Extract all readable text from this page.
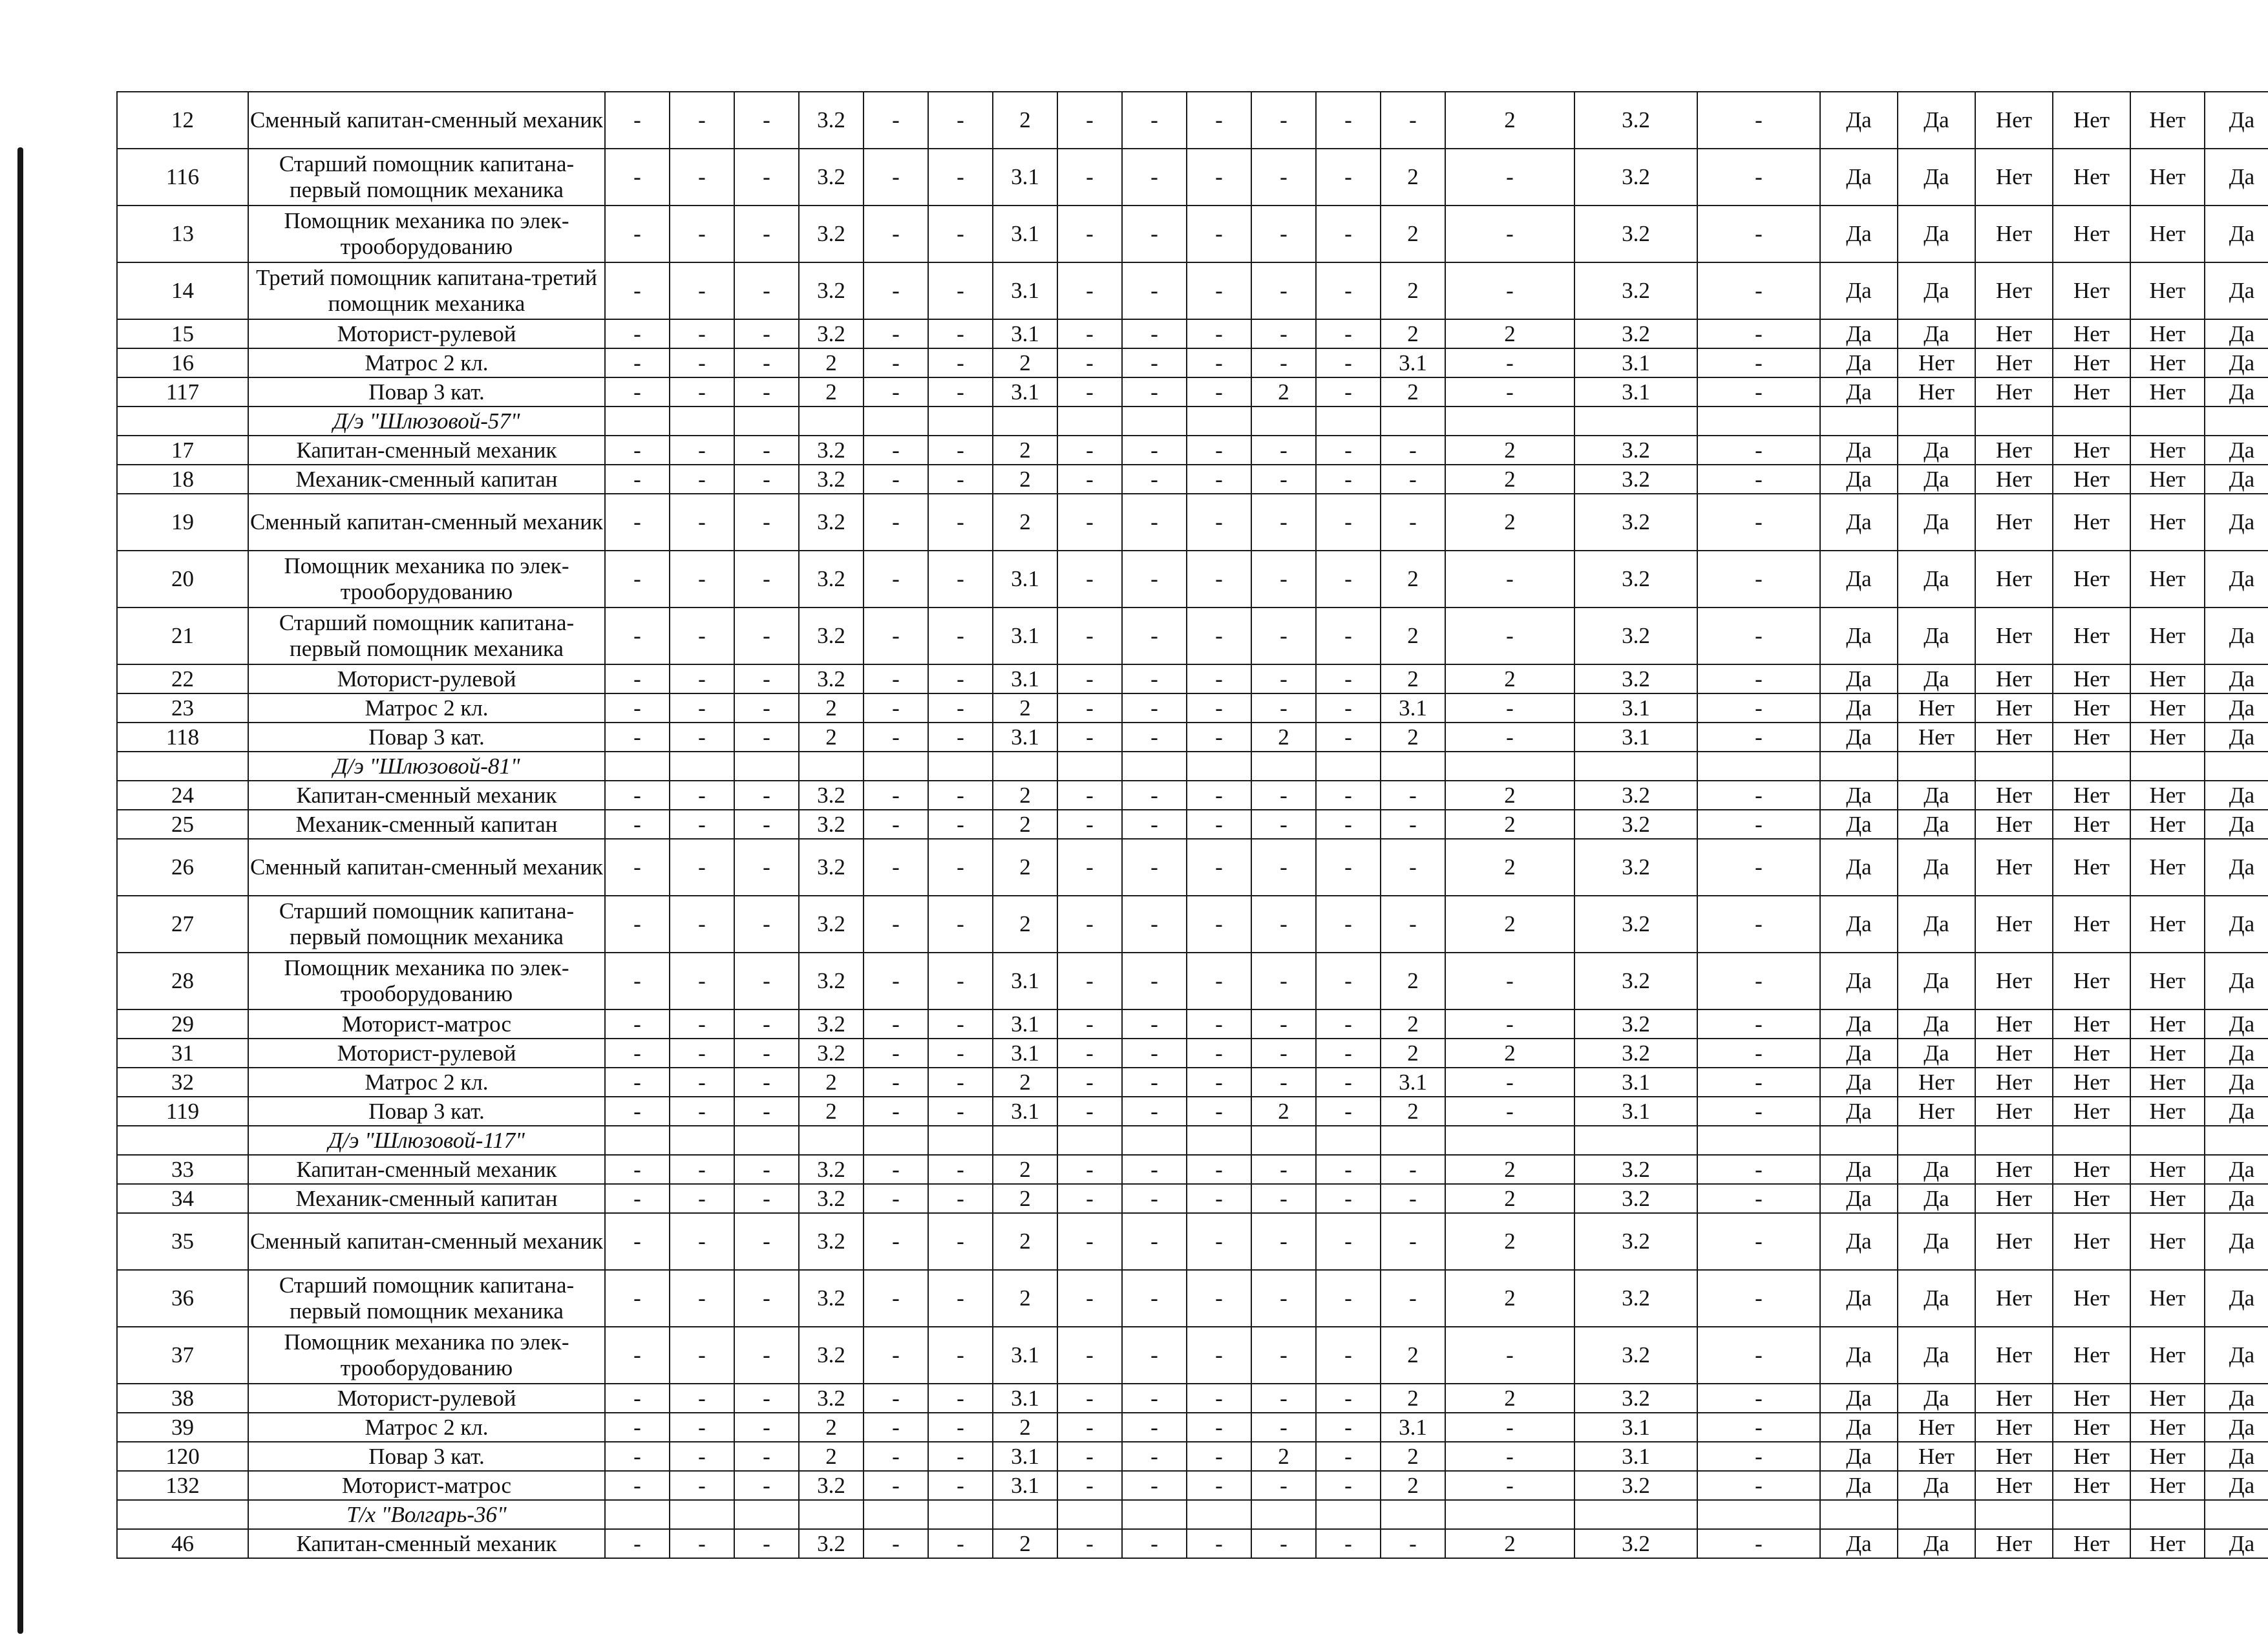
12	Сменный капитан-сменный механик	-	-	-	3.2	-	-	2	-	-	-	-	-	-	2	3.2	-	Да	Да	Нет	Нет	Нет	Да
116	Старший помощник капитана-первый помощник механика	-	-	-	3.2	-	-	3.1	-	-	-	-	-	2	-	3.2	-	Да	Да	Нет	Нет	Нет	Да
13	Помощник механика по элек-трооборудованию	-	-	-	3.2	-	-	3.1	-	-	-	-	-	2	-	3.2	-	Да	Да	Нет	Нет	Нет	Да
14	Третий помощник капитана-третий помощник механика	-	-	-	3.2	-	-	3.1	-	-	-	-	-	2	-	3.2	-	Да	Да	Нет	Нет	Нет	Да
15	Моторист-рулевой	-	-	-	3.2	-	-	3.1	-	-	-	-	-	2	2	3.2	-	Да	Да	Нет	Нет	Нет	Да
16	Матрос 2 кл.	-	-	-	2	-	-	2	-	-	-	-	-	3.1	-	3.1	-	Да	Нет	Нет	Нет	Нет	Да
117	Повар 3 кат.	-	-	-	2	-	-	3.1	-	-	-	2	-	2	-	3.1	-	Да	Нет	Нет	Нет	Нет	Да
	Д/э "Шлюзовой-57"																						
17	Капитан-сменный механик	-	-	-	3.2	-	-	2	-	-	-	-	-	-	2	3.2	-	Да	Да	Нет	Нет	Нет	Да
18	Механик-сменный капитан	-	-	-	3.2	-	-	2	-	-	-	-	-	-	2	3.2	-	Да	Да	Нет	Нет	Нет	Да
19	Сменный капитан-сменный механик	-	-	-	3.2	-	-	2	-	-	-	-	-	-	2	3.2	-	Да	Да	Нет	Нет	Нет	Да
20	Помощник механика по элек-трооборудованию	-	-	-	3.2	-	-	3.1	-	-	-	-	-	2	-	3.2	-	Да	Да	Нет	Нет	Нет	Да
21	Старший помощник капитана-первый помощник механика	-	-	-	3.2	-	-	3.1	-	-	-	-	-	2	-	3.2	-	Да	Да	Нет	Нет	Нет	Да
22	Моторист-рулевой	-	-	-	3.2	-	-	3.1	-	-	-	-	-	2	2	3.2	-	Да	Да	Нет	Нет	Нет	Да
23	Матрос 2 кл.	-	-	-	2	-	-	2	-	-	-	-	-	3.1	-	3.1	-	Да	Нет	Нет	Нет	Нет	Да
118	Повар 3 кат.	-	-	-	2	-	-	3.1	-	-	-	2	-	2	-	3.1	-	Да	Нет	Нет	Нет	Нет	Да
	Д/э "Шлюзовой-81"																						
24	Капитан-сменный механик	-	-	-	3.2	-	-	2	-	-	-	-	-	-	2	3.2	-	Да	Да	Нет	Нет	Нет	Да
25	Механик-сменный капитан	-	-	-	3.2	-	-	2	-	-	-	-	-	-	2	3.2	-	Да	Да	Нет	Нет	Нет	Да
26	Сменный капитан-сменный механик	-	-	-	3.2	-	-	2	-	-	-	-	-	-	2	3.2	-	Да	Да	Нет	Нет	Нет	Да
27	Старший помощник капитана-первый помощник механика	-	-	-	3.2	-	-	2	-	-	-	-	-	-	2	3.2	-	Да	Да	Нет	Нет	Нет	Да
28	Помощник механика по элек-трооборудованию	-	-	-	3.2	-	-	3.1	-	-	-	-	-	2	-	3.2	-	Да	Да	Нет	Нет	Нет	Да
29	Моторист-матрос	-	-	-	3.2	-	-	3.1	-	-	-	-	-	2	-	3.2	-	Да	Да	Нет	Нет	Нет	Да
31	Моторист-рулевой	-	-	-	3.2	-	-	3.1	-	-	-	-	-	2	2	3.2	-	Да	Да	Нет	Нет	Нет	Да
32	Матрос 2 кл.	-	-	-	2	-	-	2	-	-	-	-	-	3.1	-	3.1	-	Да	Нет	Нет	Нет	Нет	Да
119	Повар 3 кат.	-	-	-	2	-	-	3.1	-	-	-	2	-	2	-	3.1	-	Да	Нет	Нет	Нет	Нет	Да
	Д/э "Шлюзовой-117"																						
33	Капитан-сменный механик	-	-	-	3.2	-	-	2	-	-	-	-	-	-	2	3.2	-	Да	Да	Нет	Нет	Нет	Да
34	Механик-сменный капитан	-	-	-	3.2	-	-	2	-	-	-	-	-	-	2	3.2	-	Да	Да	Нет	Нет	Нет	Да
35	Сменный капитан-сменный механик	-	-	-	3.2	-	-	2	-	-	-	-	-	-	2	3.2	-	Да	Да	Нет	Нет	Нет	Да
36	Старший помощник капитана-первый помощник механика	-	-	-	3.2	-	-	2	-	-	-	-	-	-	2	3.2	-	Да	Да	Нет	Нет	Нет	Да
37	Помощник механика по элек-трооборудованию	-	-	-	3.2	-	-	3.1	-	-	-	-	-	2	-	3.2	-	Да	Да	Нет	Нет	Нет	Да
38	Моторист-рулевой	-	-	-	3.2	-	-	3.1	-	-	-	-	-	2	2	3.2	-	Да	Да	Нет	Нет	Нет	Да
39	Матрос 2 кл.	-	-	-	2	-	-	2	-	-	-	-	-	3.1	-	3.1	-	Да	Нет	Нет	Нет	Нет	Да
120	Повар 3 кат.	-	-	-	2	-	-	3.1	-	-	-	2	-	2	-	3.1	-	Да	Нет	Нет	Нет	Нет	Да
132	Моторист-матрос	-	-	-	3.2	-	-	3.1	-	-	-	-	-	2	-	3.2	-	Да	Да	Нет	Нет	Нет	Да
	Т/х "Волгарь-36"																						
46	Капитан-сменный механик	-	-	-	3.2	-	-	2	-	-	-	-	-	-	2	3.2	-	Да	Да	Нет	Нет	Нет	Да
